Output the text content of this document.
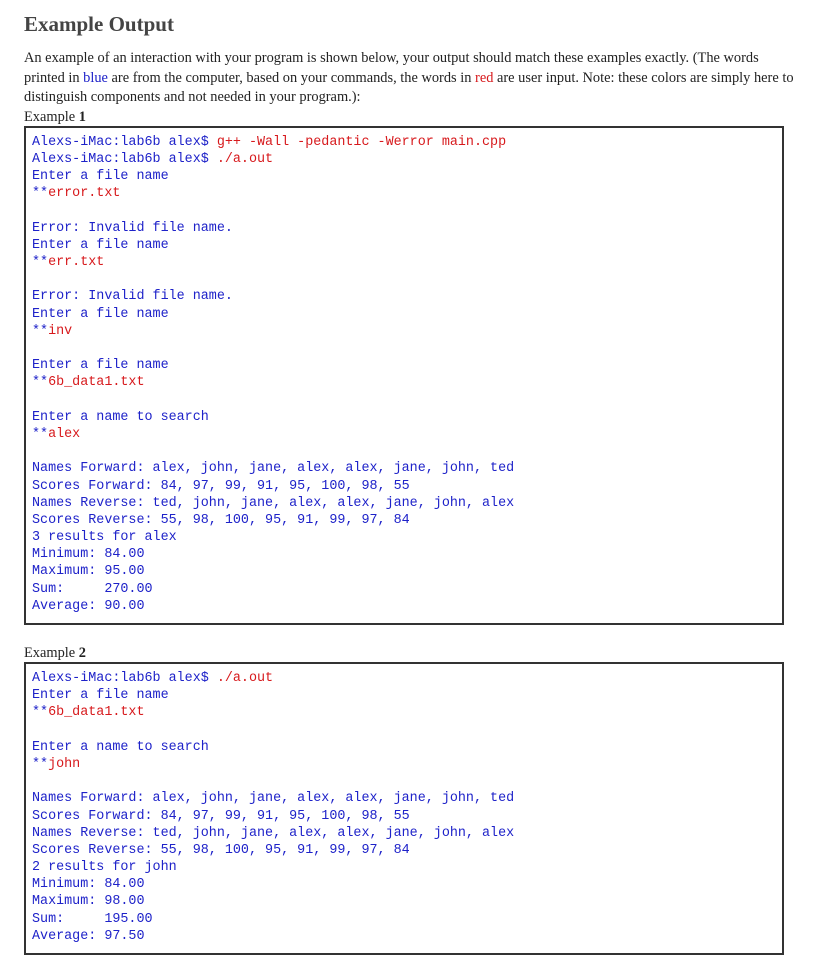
Example Output

An example of an interaction with your program is shown below, your output should match these examples exactly. (The words printed in blue are from the computer, based on your commands, the words in red are user input. Note: these colors are simply here to distinguish components and not needed in your program.):

Example 1

Alexs-iMac:lab6b alex$ g++ -Wall -pedantic -Werror main.cpp
Alexs-iMac:lab6b alex$ ./a.out
Enter a file name
**error.txt
Error: Invalid file name.
Enter a file name
**err.txt
Error: Invalid file name.
Enter a file name
**inv
Enter a file name
**6b_data1.txt
Enter a name to search
**alex
Names Forward: alex, john, jane, alex, alex, jane, john, ted
Scores Forward: 84, 97, 99, 91, 95, 100, 98, 55
Names Reverse: ted, john, jane, alex, alex, jane, john, alex
Scores Reverse: 55, 98, 100, 95, 91, 99, 97, 84
3 results for alex
Minimum: 84.00
Maximum: 95.00
Sum:     270.00
Average: 90.00

Example 2

Alexs-iMac:lab6b alex$ ./a.out
Enter a file name
**6b_data1.txt
Enter a name to search
**john
Names Forward: alex, john, jane, alex, alex, jane, john, ted
Scores Forward: 84, 97, 99, 91, 95, 100, 98, 55
Names Reverse: ted, john, jane, alex, alex, jane, john, alex
Scores Reverse: 55, 98, 100, 95, 91, 99, 97, 84
2 results for john
Minimum: 84.00
Maximum: 98.00
Sum:     195.00
Average: 97.50
